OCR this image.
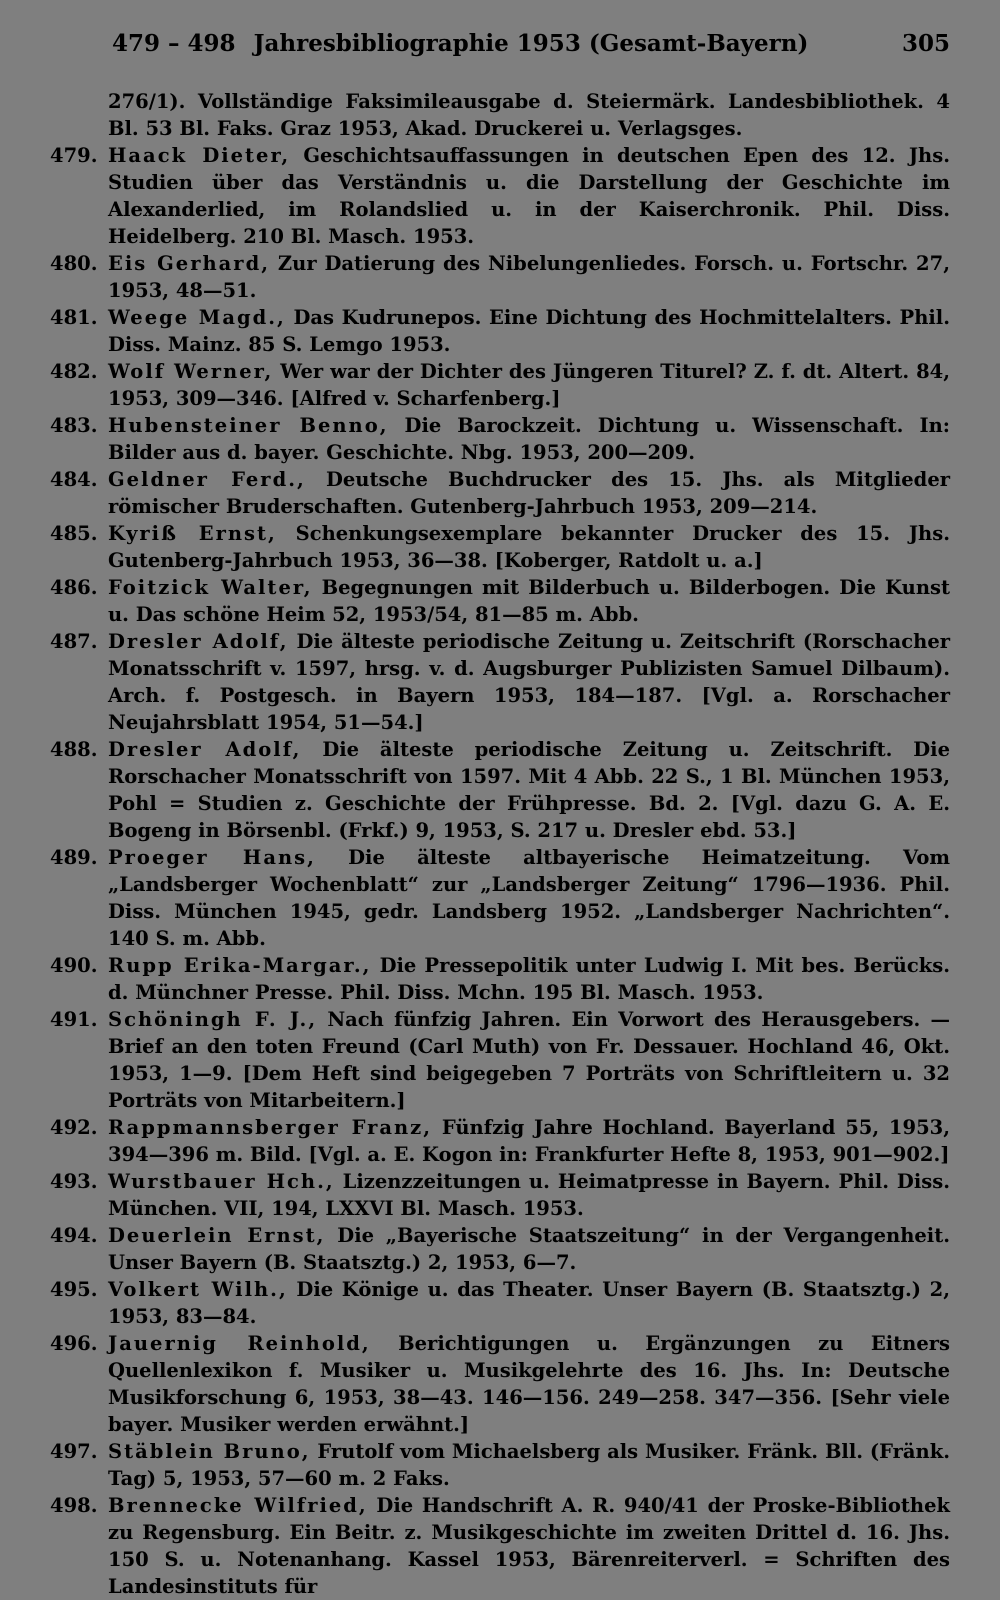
479 – 498 Jahresbibliographie 1953 (Gesamt-Bayern)	305
276/1). Vollständige Faksimileausgabe d. Steiermärk. Landesbibliothek. 4 Bl. 53 Bl. Faks. Graz 1953, Akad. Druckerei u. Verlagsges.
479. Haack Dieter, Geschichtsauffassungen in deutschen Epen des 12. Jhs. Studien über das Verständnis u. die Darstellung der Geschichte im Alexanderlied, im Rolandslied u. in der Kaiserchronik. Phil. Diss. Heidelberg. 210 Bl. Masch. 1953.
480. Eis Gerhard, Zur Datierung des Nibelungenliedes. Forsch. u. Fortschr. 27, 1953, 48—51.
481. Weege Magd., Das Kudrunepos. Eine Dichtung des Hochmittelalters. Phil. Diss. Mainz. 85 S. Lemgo 1953.
482. Wolf Werner, Wer war der Dichter des Jüngeren Titurel? Z. f. dt. Altert. 84, 1953, 309—346. [Alfred v. Scharfenberg.]
483. Hubensteiner Benno, Die Barockzeit. Dichtung u. Wissenschaft. In: Bilder aus d. bayer. Geschichte. Nbg. 1953, 200—209.
484. Geldner Ferd., Deutsche Buchdrucker des 15. Jhs. als Mitglieder römischer Bruderschaften. Gutenberg-Jahrbuch 1953, 209—214.
485. Kyriß Ernst, Schenkungsexemplare bekannter Drucker des 15. Jhs. Gutenberg-Jahrbuch 1953, 36—38. [Koberger, Ratdolt u. a.]
486. Foitzick Walter, Begegnungen mit Bilderbuch u. Bilderbogen. Die Kunst u. Das schöne Heim 52, 1953/54, 81—85 m. Abb.
487. Dresler Adolf, Die älteste periodische Zeitung u. Zeitschrift (Rorschacher Monatsschrift v. 1597, hrsg. v. d. Augsburger Publizisten Samuel Dilbaum). Arch. f. Postgesch. in Bayern 1953, 184—187. [Vgl. a. Rorschacher Neujahrsblatt 1954, 51—54.]
488. Dresler Adolf, Die älteste periodische Zeitung u. Zeitschrift. Die Rorschacher Monatsschrift von 1597. Mit 4 Abb. 22 S., 1 Bl. München 1953, Pohl = Studien z. Geschichte der Frühpresse. Bd. 2. [Vgl. dazu G. A. E. Bogeng in Börsenbl. (Frkf.) 9, 1953, S. 217 u. Dresler ebd. 53.]
489. Proeger Hans, Die älteste altbayerische Heimatzeitung. Vom „Landsberger Wochenblatt“ zur „Landsberger Zeitung“ 1796—1936. Phil. Diss. München 1945, gedr. Landsberg 1952. „Landsberger Nachrichten“. 140 S. m. Abb.
490. Rupp Erika-Margar., Die Pressepolitik unter Ludwig I. Mit bes. Berücks. d. Münchner Presse. Phil. Diss. Mchn. 195 Bl. Masch. 1953.
491. Schöningh F. J., Nach fünfzig Jahren. Ein Vorwort des Herausgebers. — Brief an den toten Freund (Carl Muth) von Fr. Dessauer. Hochland 46, Okt. 1953, 1—9. [Dem Heft sind beigegeben 7 Porträts von Schriftleitern u. 32 Porträts von Mitarbeitern.]
492. Rappmannsberger Franz, Fünfzig Jahre Hochland. Bayerland 55, 1953, 394—396 m. Bild. [Vgl. a. E. Kogon in: Frankfurter Hefte 8, 1953, 901—902.]
493. Wurstbauer Hch., Lizenzzeitungen u. Heimatpresse in Bayern. Phil. Diss. München. VII, 194, LXXVI Bl. Masch. 1953.
494. Deuerlein Ernst, Die „Bayerische Staatszeitung“ in der Vergangenheit. Unser Bayern (B. Staatsztg.) 2, 1953, 6—7.
495. Volkert Wilh., Die Könige u. das Theater. Unser Bayern (B. Staatsztg.) 2, 1953, 83—84.
496. Jauernig Reinhold, Berichtigungen u. Ergänzungen zu Eitners Quellenlexikon f. Musiker u. Musikgelehrte des 16. Jhs. In: Deutsche Musikforschung 6, 1953, 38—43. 146—156. 249—258. 347—356. [Sehr viele bayer. Musiker werden erwähnt.]
497. Stäblein Bruno, Frutolf vom Michaelsberg als Musiker. Fränk. Bll. (Fränk. Tag) 5, 1953, 57—60 m. 2 Faks.
498. Brennecke Wilfried, Die Handschrift A. R. 940/41 der Proske-Bibliothek zu Regensburg. Ein Beitr. z. Musikgeschichte im zweiten Drittel d. 16. Jhs. 150 S. u. Notenanhang. Kassel 1953, Bärenreiterverl. = Schriften des Landesinstituts für
